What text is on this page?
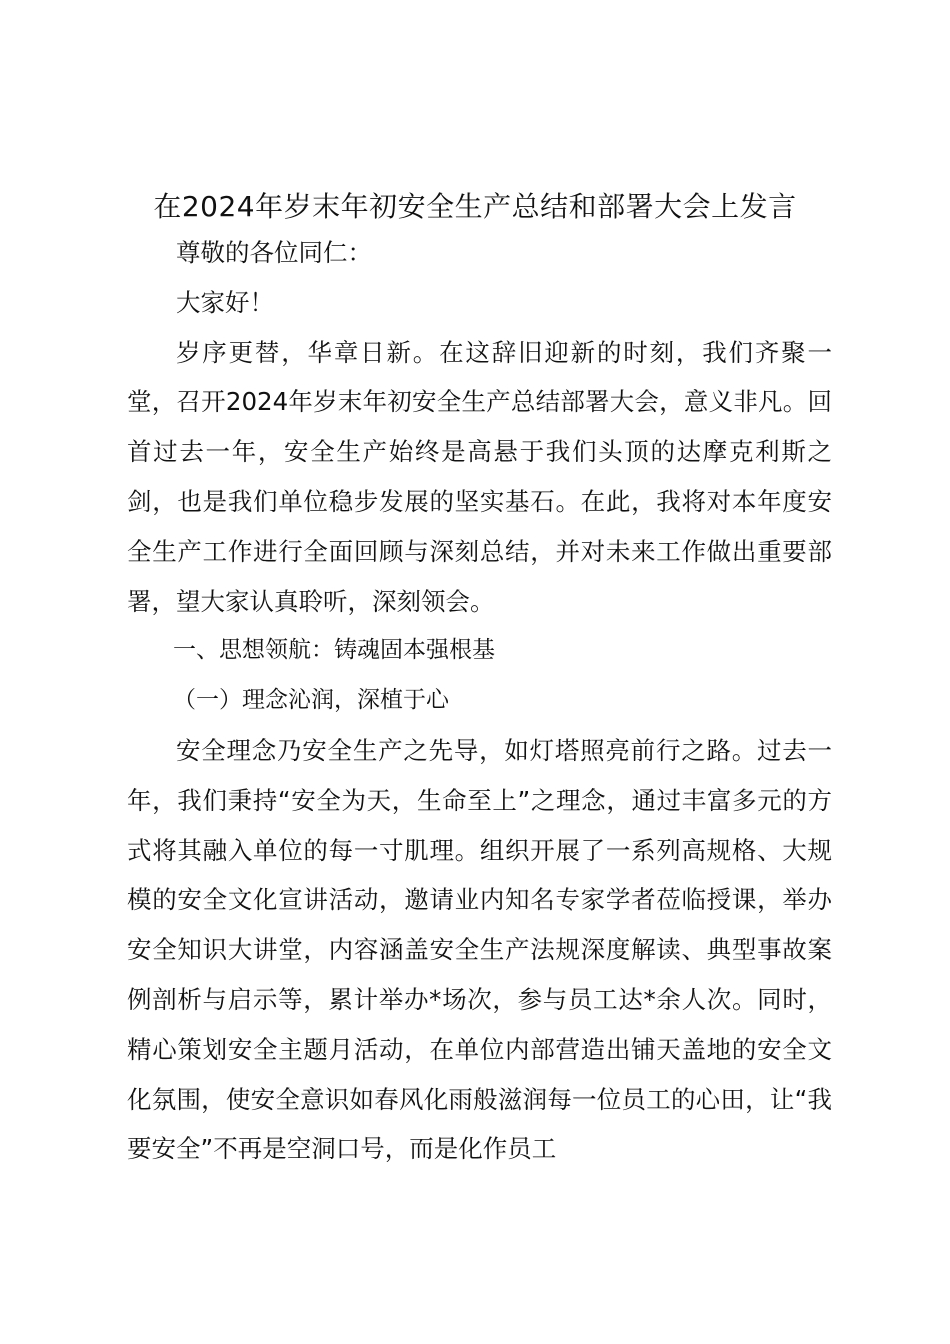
在2024年岁末年初安全生产总结和部署大会上发言

尊敬的各位同仁：

大家好！

岁序更替，华章日新。在这辞旧迎新的时刻，我们齐聚一堂，召开2024年岁末年初安全生产总结部署大会，意义非凡。回首过去一年，安全生产始终是高悬于我们头顶的达摩克利斯之剑，也是我们单位稳步发展的坚实基石。在此，我将对本年度安全生产工作进行全面回顾与深刻总结，并对未来工作做出重要部署，望大家认真聆听，深刻领会。

一、思想领航：铸魂固本强根基

（一）理念沁润，深植于心

安全理念乃安全生产之先导，如灯塔照亮前行之路。过去一年，我们秉持“安全为天，生命至上”之理念，通过丰富多元的方式将其融入单位的每一寸肌理。组织开展了一系列高规格、大规模的安全文化宣讲活动，邀请业内知名专家学者莅临授课，举办安全知识大讲堂，内容涵盖安全生产法规深度解读、典型事故案例剖析与启示等，累计举办*场次，参与员工达*余人次。同时，精心策划安全主题月活动，在单位内部营造出铺天盖地的安全文化氛围，使安全意识如春风化雨般滋润每一位员工的心田，让“我要安全”不再是空洞口号，而是化作员工
